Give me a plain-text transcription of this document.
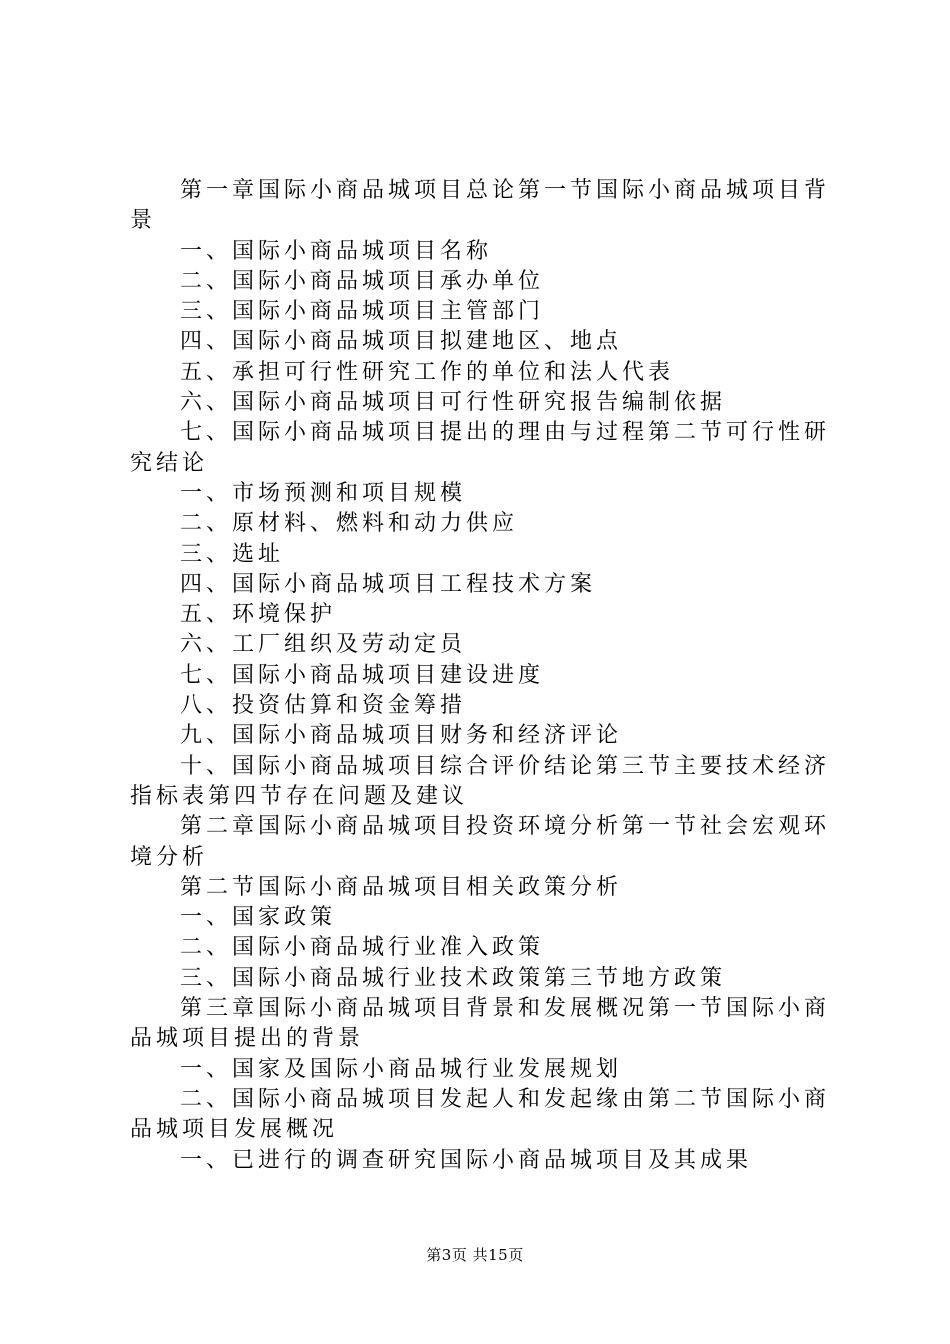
第一章国际小商品城项目总论第一节国际小商品城项目背景

一、国际小商品城项目名称

二、国际小商品城项目承办单位

三、国际小商品城项目主管部门

四、国际小商品城项目拟建地区、地点

五、承担可行性研究工作的单位和法人代表

六、国际小商品城项目可行性研究报告编制依据

七、国际小商品城项目提出的理由与过程第二节可行性研究结论

一、市场预测和项目规模

二、原材料、燃料和动力供应

三、选址

四、国际小商品城项目工程技术方案

五、环境保护

六、工厂组织及劳动定员

七、国际小商品城项目建设进度

八、投资估算和资金筹措

九、国际小商品城项目财务和经济评论

十、国际小商品城项目综合评价结论第三节主要技术经济指标表第四节存在问题及建议

第二章国际小商品城项目投资环境分析第一节社会宏观环境分析

第二节国际小商品城项目相关政策分析

一、国家政策

二、国际小商品城行业准入政策

三、国际小商品城行业技术政策第三节地方政策

第三章国际小商品城项目背景和发展概况第一节国际小商品城项目提出的背景

一、国家及国际小商品城行业发展规划

二、国际小商品城项目发起人和发起缘由第二节国际小商品城项目发展概况

一、已进行的调查研究国际小商品城项目及其成果

第3页 共15页
